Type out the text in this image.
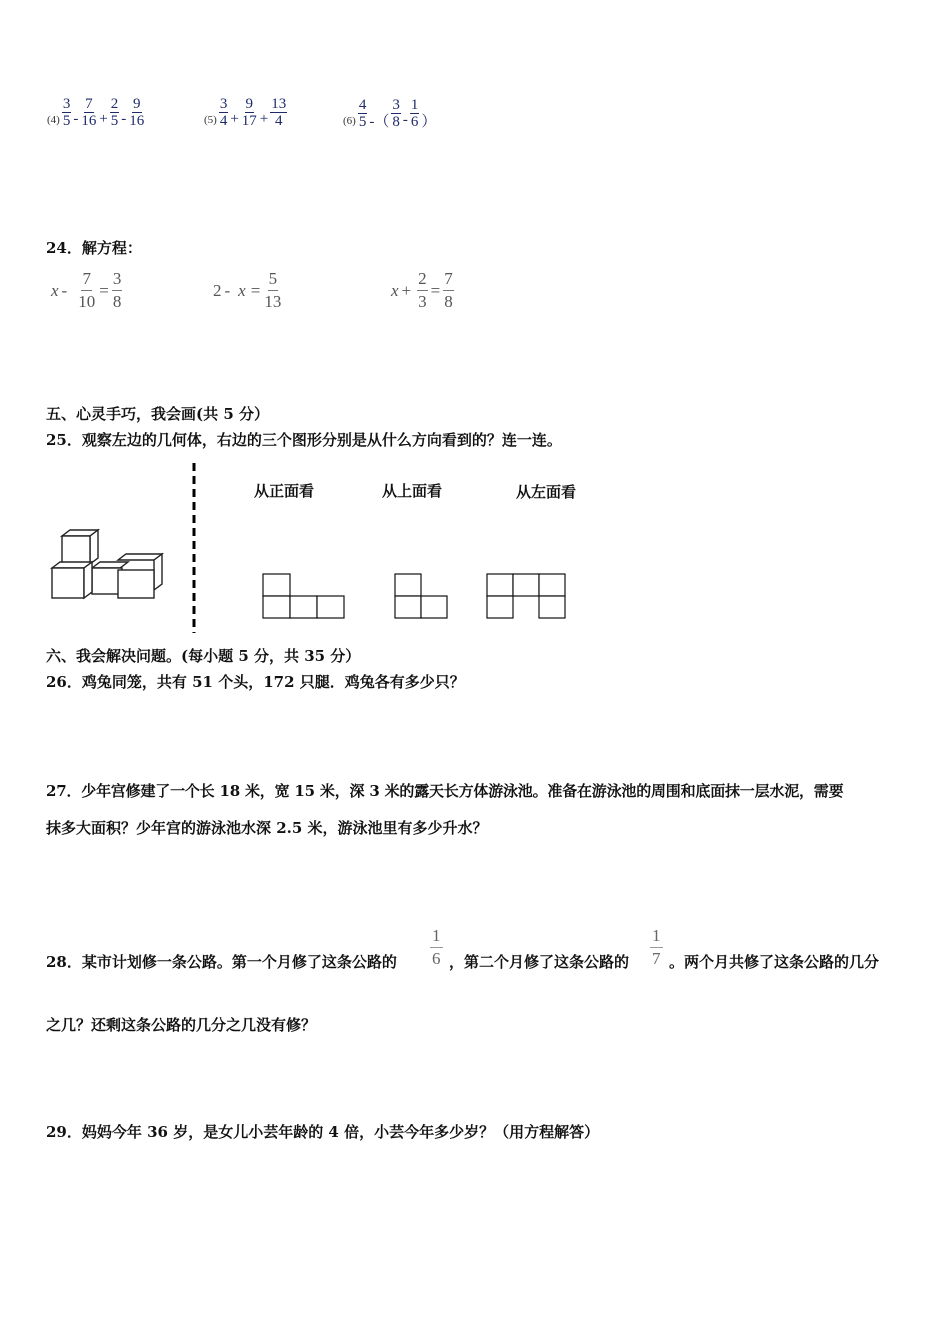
$(4) \frac{3}{5} - \frac{7}{16} + \frac{2}{5} - \frac{9}{16}$	$(5) \frac{3}{4} + \frac{9}{17} + \frac{13}{4}$	$(6) \frac{4}{5}$ -（ $\frac{3}{8} - \frac{1}{6}$ ）
24．解方程：
$x - \frac{7}{10} = \frac{3}{8}$	$2 - x = \frac{5}{13}$	$x + \frac{2}{3} = \frac{7}{8}$
五、心灵手巧，我会画(共 5 分）
25．观察左边的几何体，右边的三个图形分别是从什么方向看到的？连一连。
从正面看	从上面看	从左面看
六、我会解决问题。(每小题 5 分，共 35 分）
26．鸡兔同笼，共有 51 个头，172 只腿．鸡兔各有多少只？
27．少年宫修建了一个长 18 米，宽 15 米，深 3 米的露天长方体游泳池。准备在游泳池的周围和底面抹一层水泥，需要
抹多大面积？少年宫的游泳池水深 2.5 米，游泳池里有多少升水？
28．某市计划修一条公路。第一个月修了这条公路的
1
6 ，第二个月修了这条公路的
1
7 。两个月共修了这条公路的几分
之几？还剩这条公路的几分之几没有修？
29．妈妈今年 36 岁，是女儿小芸年龄的 4 倍，小芸今年多少岁？（用方程解答）
